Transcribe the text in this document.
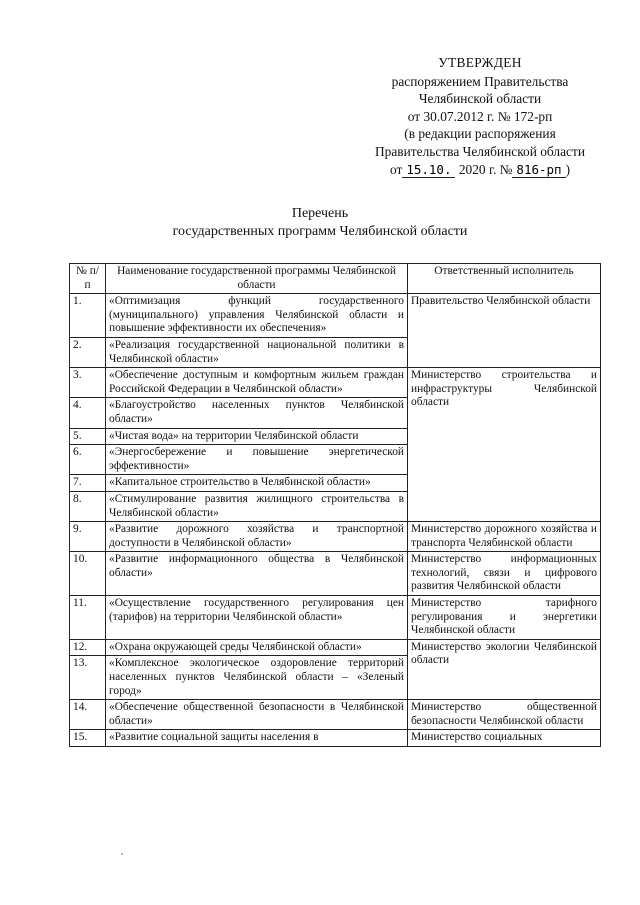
УТВЕРЖДЕН
распоряжением Правительства
Челябинской области
от 30.07.2012 г. № 172-рп
(в редакции распоряжения
Правительства Челябинской области
от 15.10. 2020 г. № 816-рп )
Перечень
государственных программ Челябинской области
№ п/п	Наименование государственной программы Челябинской области	Ответственный исполнитель
1.	«Оптимизация функций государственного (муниципального) управления Челябинской области и повышение эффективности их обеспечения»	Правительство Челябинской области
2.	«Реализация государственной национальной политики в Челябинской области»	
3.	«Обеспечение доступным и комфортным жильем граждан Российской Федерации в Челябинской области»	Министерство строительства и инфраструктуры Челябинской области
4.	«Благоустройство населенных пунктов Челябинской области»	
5.	«Чистая вода» на территории Челябинской области	
6.	«Энергосбережение и повышение энергетической эффективности»	
7.	«Капитальное строительство в Челябинской области»	
8.	«Стимулирование развития жилищного строительства в Челябинской области»	
9.	«Развитие дорожного хозяйства и транспортной доступности в Челябинской области»	Министерство дорожного хозяйства и транспорта Челябинской области
10.	«Развитие информационного общества в Челябинской области»	Министерство информационных технологий, связи и цифрового развития Челябинской области
11.	«Осуществление государственного регулирования цен (тарифов) на территории Челябинской области»	Министерство тарифного регулирования и энергетики Челябинской области
12.	«Охрана окружающей среды Челябинской области»	Министерство экологии Челябинской области
13.	«Комплексное экологическое оздоровление территорий населенных пунктов Челябинской области – «Зеленый город»	
14.	«Обеспечение общественной безопасности в Челябинской области»	Министерство общественной безопасности Челябинской области
15.	«Развитие социальной защиты населения в	Министерство социальных
